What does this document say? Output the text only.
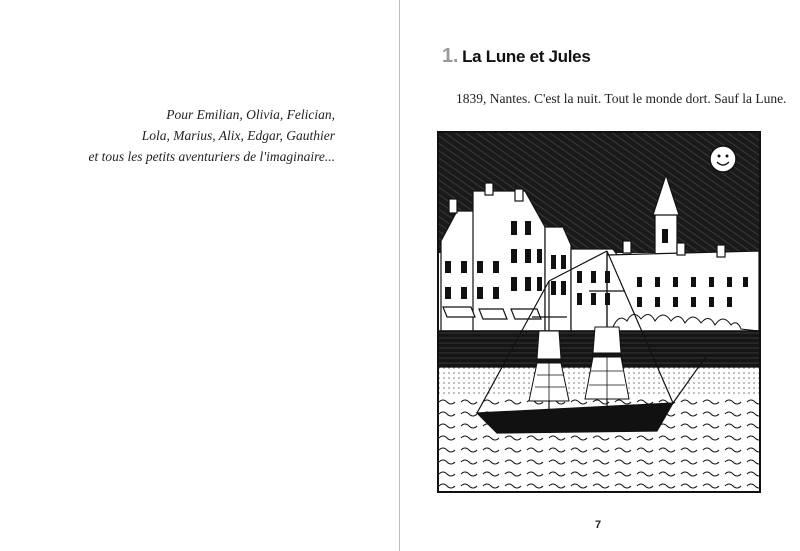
Pour Emilian, Olivia, Felician,
Lola, Marius, Alix, Edgar, Gauthier
et tous les petits aventuriers de l'imaginaire...
1. La Lune et Jules
1839, Nantes. C'est la nuit. Tout le monde dort. Sauf la Lune.
7
